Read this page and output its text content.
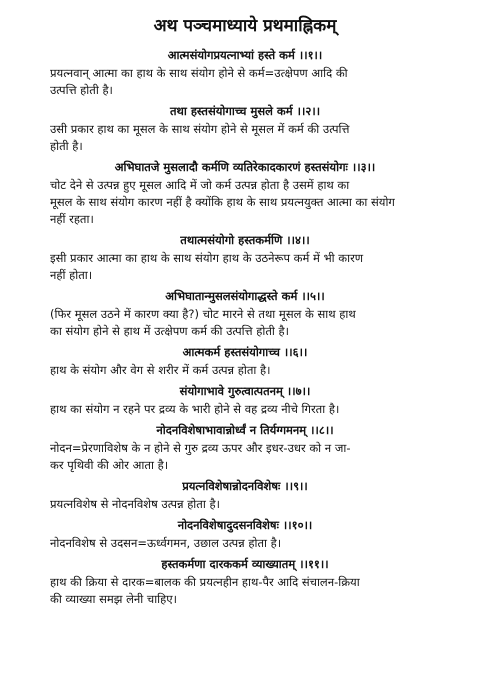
अथ पञ्चमाध्याये प्रथमाह्निकम्
आत्मसंयोगप्रयत्नाभ्यां हस्ते कर्म ।।१।।
प्रयत्नवान् आत्मा का हाथ के साथ संयोग होने से कर्म=उत्क्षेपण आदि की
उत्पत्ति होती है।
तथा हस्तसंयोगाच्च मुसले कर्म ।।२।।
उसी प्रकार हाथ का मूसल के साथ संयोग होने से मूसल में कर्म की उत्पत्ति
होती है।
अभिघातजे मुसलादौ कर्मणि व्यतिरेकादकारणं हस्तसंयोगः ।।३।।
चोट देने से उत्पन्न हुए मूसल आदि में जो कर्म उत्पन्न होता है उसमें हाथ का
मूसल के साथ संयोग कारण नहीं है क्योंकि हाथ के साथ प्रयत्नयुक्त आत्मा का संयोग
नहीं रहता।
तथात्मसंयोगो हस्तकर्मणि ।।४।।
इसी प्रकार आत्मा का हाथ के साथ संयोग हाथ के उठनेरूप कर्म में भी कारण
नहीं होता।
अभिघातान्मुसलसंयोगाद्धस्ते कर्म ।।५।।
(फिर मूसल उठने में कारण क्या है?) चोट मारने से तथा मूसल के साथ हाथ
का संयोग होने से हाथ में उत्क्षेपण कर्म की उत्पत्ति होती है।
आत्मकर्म हस्तसंयोगाच्च ।।६।।
हाथ के संयोग और वेग से शरीर में कर्म उत्पन्न होता है।
संयोगाभावे गुरुत्वात्पतनम् ।।७।।
हाथ का संयोग न रहने पर द्रव्य के भारी होने से वह द्रव्य नीचे गिरता है।
नोदनविशेषाभावान्नोर्ध्वं न तिर्यग्गमनम् ।।८।।
नोदन=प्रेरणाविशेष के न होने से गुरु द्रव्य ऊपर और इधर-उधर को न जा-
कर पृथिवी की ओर आता है।
प्रयत्नविशेषान्नोदनविशेषः ।।९।।
प्रयत्नविशेष से नोदनविशेष उत्पन्न होता है।
नोदनविशेषादुदसनविशेषः ।।१०।।
नोदनविशेष से उदसन=ऊर्ध्वगमन, उछाल उत्पन्न होता है।
हस्तकर्मणा दारककर्म व्याख्यातम् ।।११।।
हाथ की क्रिया से दारक=बालक की प्रयत्नहीन हाथ-पैर आदि संचालन-क्रिया
की व्याख्या समझ लेनी चाहिए।
